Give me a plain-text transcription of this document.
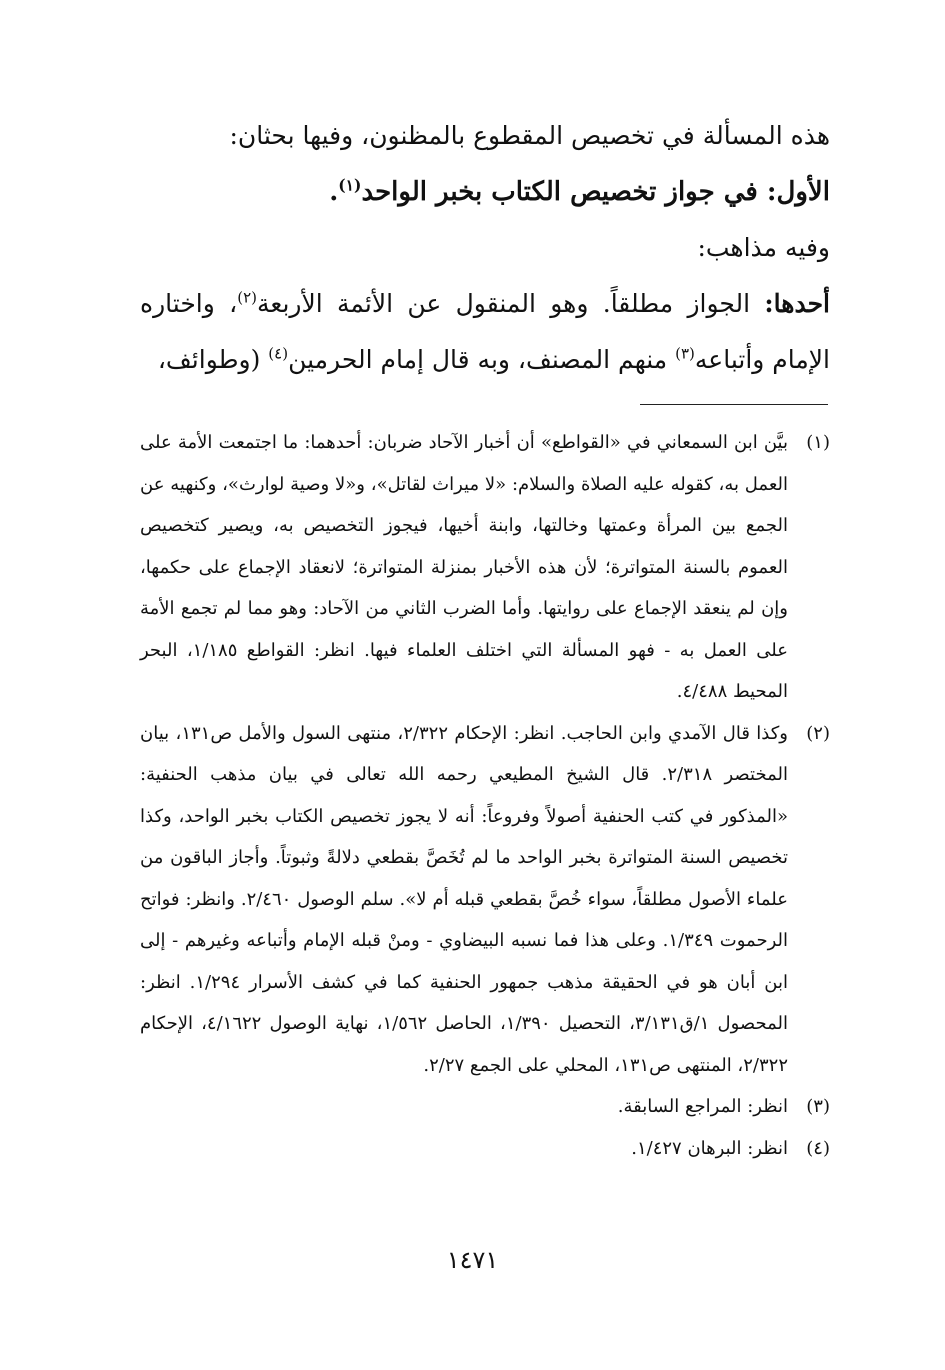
هذه المسألة في تخصيص المقطوع بالمظنون، وفيها بحثان:

الأول: في جواز تخصيص الكتاب بخبر الواحد$^{(١)}$.

وفيه مذاهب:

أحدها: الجواز مطلقاً. وهو المنقول عن الأئمة الأربعة$^{(٢)}$، واختاره الإمام وأتباعه$^{(٣)}$ منهم المصنف، وبه قال إمام الحرمين$^{(٤)}$ (وطوائف،

(١)
بيَّن ابن السمعاني في «القواطع» أن أخبار الآحاد ضربان: أحدهما: ما اجتمعت الأمة على العمل به، كقوله عليه الصلاة والسلام: «لا ميراث لقاتل»، و«لا وصية لوارث»، وكنهيه عن الجمع بين المرأة وعمتها وخالتها، وابنة أخيها، فيجوز التخصيص به، ويصير كتخصيص العموم بالسنة المتواترة؛ لأن هذه الأخبار بمنزلة المتواترة؛ لانعقاد الإجماع على حكمها، وإن لم ينعقد الإجماع على روايتها. وأما الضرب الثاني من الآحاد: وهو مما لم تجمع الأمة على العمل به - فهو المسألة التي اختلف العلماء فيها. انظر: القواطع ١/١٨٥، البحر المحيط ٤/٤٨٨.
(٢)
وكذا قال الآمدي وابن الحاجب. انظر: الإحكام ٢/٣٢٢، منتهى السول والأمل ص١٣١، بيان المختصر ٢/٣١٨. قال الشيخ المطيعي رحمه الله تعالى في بيان مذهب الحنفية: «المذكور في كتب الحنفية أصولاً وفروعاً: أنه لا يجوز تخصيص الكتاب بخبر الواحد، وكذا تخصيص السنة المتواترة بخبر الواحد ما لم تُخَصَّ بقطعي دلالةً وثبوتاً. وأجاز الباقون من علماء الأصول مطلقاً، سواء خُصَّ بقطعي قبله أم لا». سلم الوصول ٢/٤٦٠. وانظر: فواتح الرحموت ١/٣٤٩. وعلى هذا فما نسبه البيضاوي - ومنْ قبله الإمام وأتباعه وغيرهم - إلى ابن أبان هو في الحقيقة مذهب جمهور الحنفية كما في كشف الأسرار ١/٢٩٤. انظر: المحصول ١/ق٣/١٣١، التحصيل ١/٣٩٠، الحاصل ١/٥٦٢، نهاية الوصول ٤/١٦٢٢، الإحكام ٢/٣٢٢، المنتهى ص١٣١، المحلي على الجمع ٢/٢٧.
(٣)
انظر: المراجع السابقة.
(٤)
انظر: البرهان ١/٤٢٧.
١٤٧١
